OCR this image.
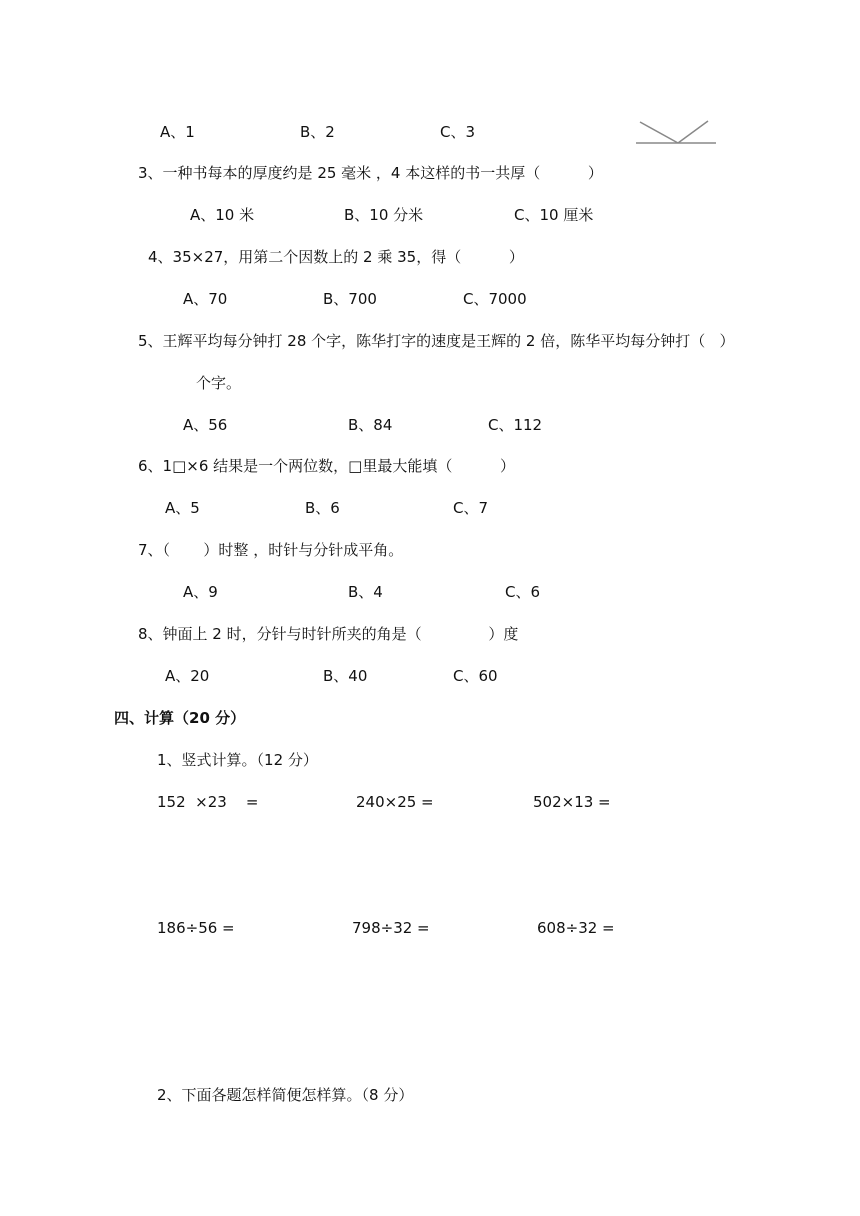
A、1	B、2	C、3
3、一种书每本的厚度约是 25 毫米 ，4 本这样的书一共厚（          ）
A、10 米	B、10 分米	C、10 厘米
4、35×27，用第二个因数上的 2 乘 35，得（          ）
A、70	B、700	C、7000
5、王辉平均每分钟打 28 个字，陈华打字的速度是王辉的 2 倍，陈华平均每分钟打（   ）
个字。
A、56	B、84	C、112
6、1□×6 结果是一个两位数，□里最大能填（          ）
A、5	B、6	C、7
7、（       ）时整 ，时针与分针成平角。
A、9	B、4	C、6
8、钟面上 2 时，分针与时针所夹的角是（              ）度
A、20	B、40	C、60
四、计算（20 分）
1、竖式计算。（12 分）
152  ×23    =	240×25 =	502×13 =
186÷56 =	798÷32 =	608÷32 =
2、下面各题怎样简便怎样算。（8 分）
